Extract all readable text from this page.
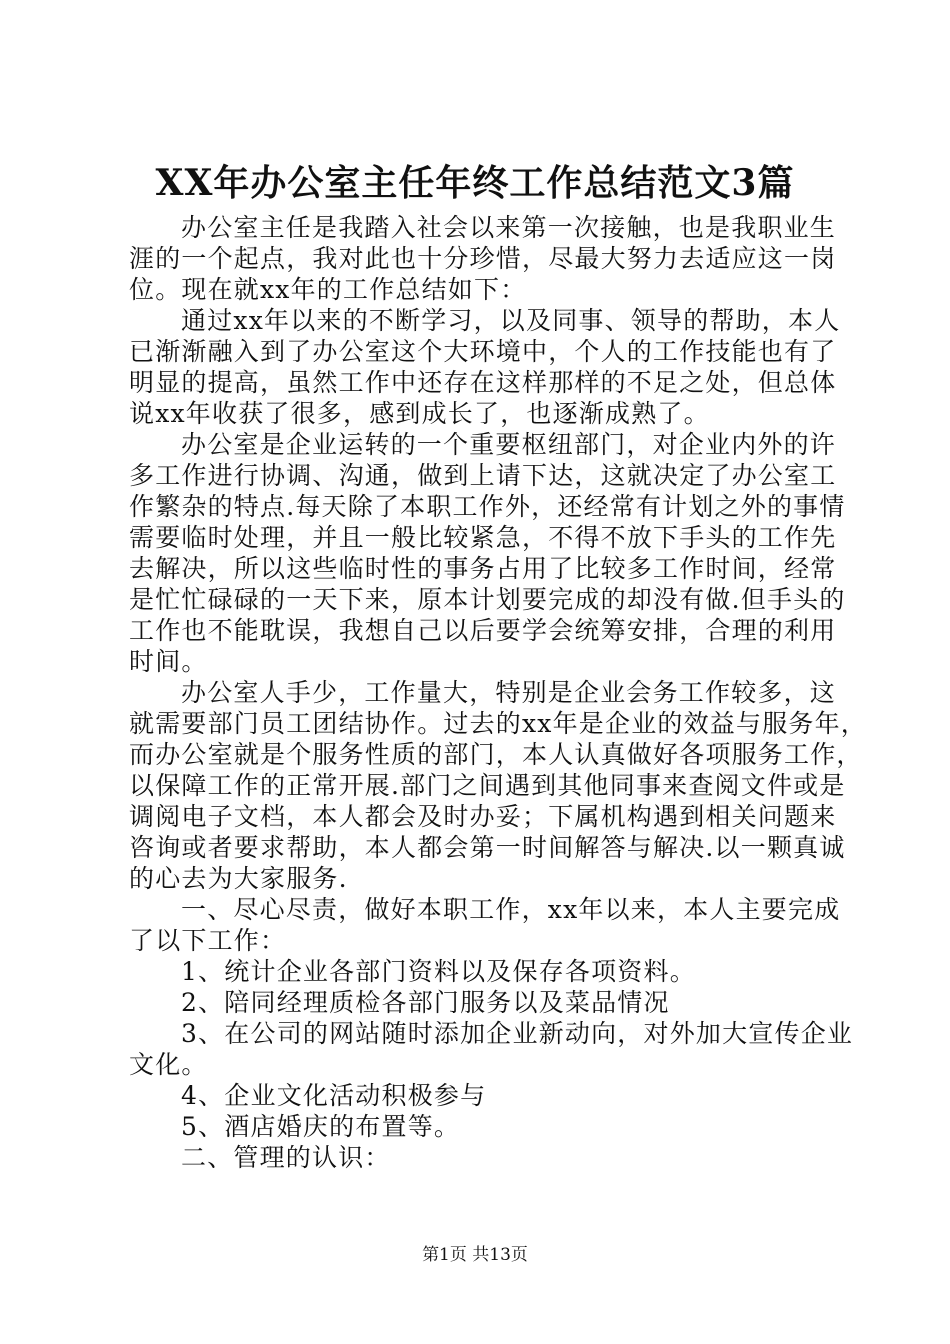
XX年办公室主任年终工作总结范文3篇
办公室主任是我踏入社会以来第一次接触，也是我职业生
涯的一个起点，我对此也十分珍惜，尽最大努力去适应这一岗
位。现在就xx年的工作总结如下：
通过xx年以来的不断学习，以及同事、领导的帮助，本人
已渐渐融入到了办公室这个大环境中，个人的工作技能也有了
明显的提高，虽然工作中还存在这样那样的不足之处，但总体
说xx年收获了很多，感到成长了，也逐渐成熟了。
办公室是企业运转的一个重要枢纽部门，对企业内外的许
多工作进行协调、沟通，做到上请下达，这就决定了办公室工
作繁杂的特点.每天除了本职工作外，还经常有计划之外的事情
需要临时处理，并且一般比较紧急，不得不放下手头的工作先
去解决，所以这些临时性的事务占用了比较多工作时间，经常
是忙忙碌碌的一天下来，原本计划要完成的却没有做.但手头的
工作也不能耽误，我想自己以后要学会统筹安排，合理的利用
时间。
办公室人手少，工作量大，特别是企业会务工作较多，这
就需要部门员工团结协作。过去的xx年是企业的效益与服务年，
而办公室就是个服务性质的部门，本人认真做好各项服务工作，
以保障工作的正常开展.部门之间遇到其他同事来查阅文件或是
调阅电子文档，本人都会及时办妥；下属机构遇到相关问题来
咨询或者要求帮助，本人都会第一时间解答与解决.以一颗真诚
的心去为大家服务.
一、尽心尽责，做好本职工作，xx年以来，本人主要完成
了以下工作：
1、统计企业各部门资料以及保存各项资料。
2、陪同经理质检各部门服务以及菜品情况
3、在公司的网站随时添加企业新动向，对外加大宣传企业
文化。
4、企业文化活动积极参与
5、酒店婚庆的布置等。
二、管理的认识：
第1页 共13页
